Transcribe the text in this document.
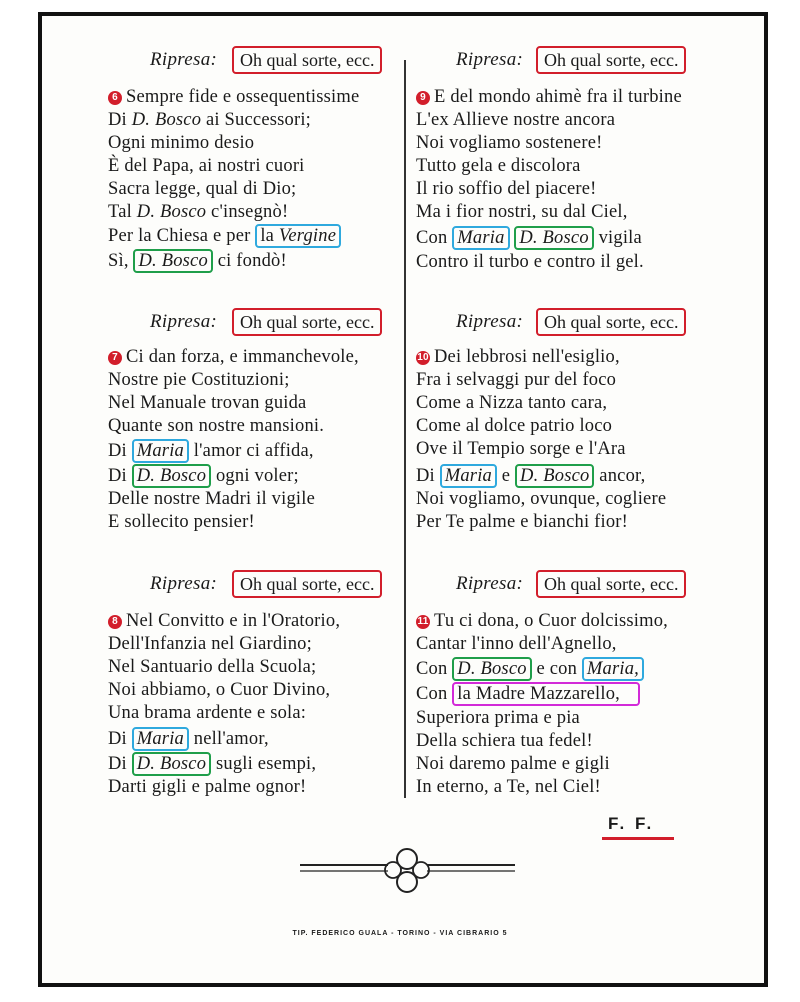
Ripresa:	Oh qual sorte, ecc.
6 Sempre fide e ossequentissime
Di D. Bosco ai Successori;
Ogni minimo desio
È del Papa, ai nostri cuori
Sacra legge, qual di Dio;
Tal D. Bosco c'insegnò!
Per la Chiesa e per la Vergine
Sì, D. Bosco ci fondò!
Ripresa:	Oh qual sorte, ecc.
7 Ci dan forza, e immanchevole,
Nostre pie Costituzioni;
Nel Manuale trovan guida
Quante son nostre mansioni.
Di Maria l'amor ci affida,
Di D. Bosco ogni voler;
Delle nostre Madri il vigile
E sollecito pensier!
Ripresa:	Oh qual sorte, ecc.
8 Nel Convitto e in l'Oratorio,
Dell'Infanzia nel Giardino;
Nel Santuario della Scuola;
Noi abbiamo, o Cuor Divino,
Una brama ardente e sola:
Di Maria nell'amor,
Di D. Bosco sugli esempi,
Darti gigli e palme ognor!
Ripresa:	Oh qual sorte, ecc.
9 E del mondo ahimè fra il turbine
L'ex Allieve nostre ancora
Noi vogliamo sostenere!
Tutto gela e discolora
Il rio soffio del piacere!
Ma i fior nostri, su dal Ciel,
Con Maria D. Bosco vigila
Contro il turbo e contro il gel.
Ripresa:	Oh qual sorte, ecc.
10 Dei lebbrosi nell'esiglio,
Fra i selvaggi pur del foco
Come a Nizza tanto cara,
Come al dolce patrio loco
Ove il Tempio sorge e l'Ara
Di Maria e D. Bosco ancor,
Noi vogliamo, ovunque, cogliere
Per Te palme e bianchi fior!
Ripresa:	Oh qual sorte, ecc.
11 Tu ci dona, o Cuor dolcissimo,
Cantar l'inno dell'Agnello,
Con D. Bosco e con Maria,
Con la Madre Mazzarello,
Superiora prima e pia
Della schiera tua fedel!
Noi daremo palme e gigli
In eterno, a Te, nel Ciel!
F. F.
TIP. FEDERICO GUALA - TORINO - VIA CIBRARIO 5
